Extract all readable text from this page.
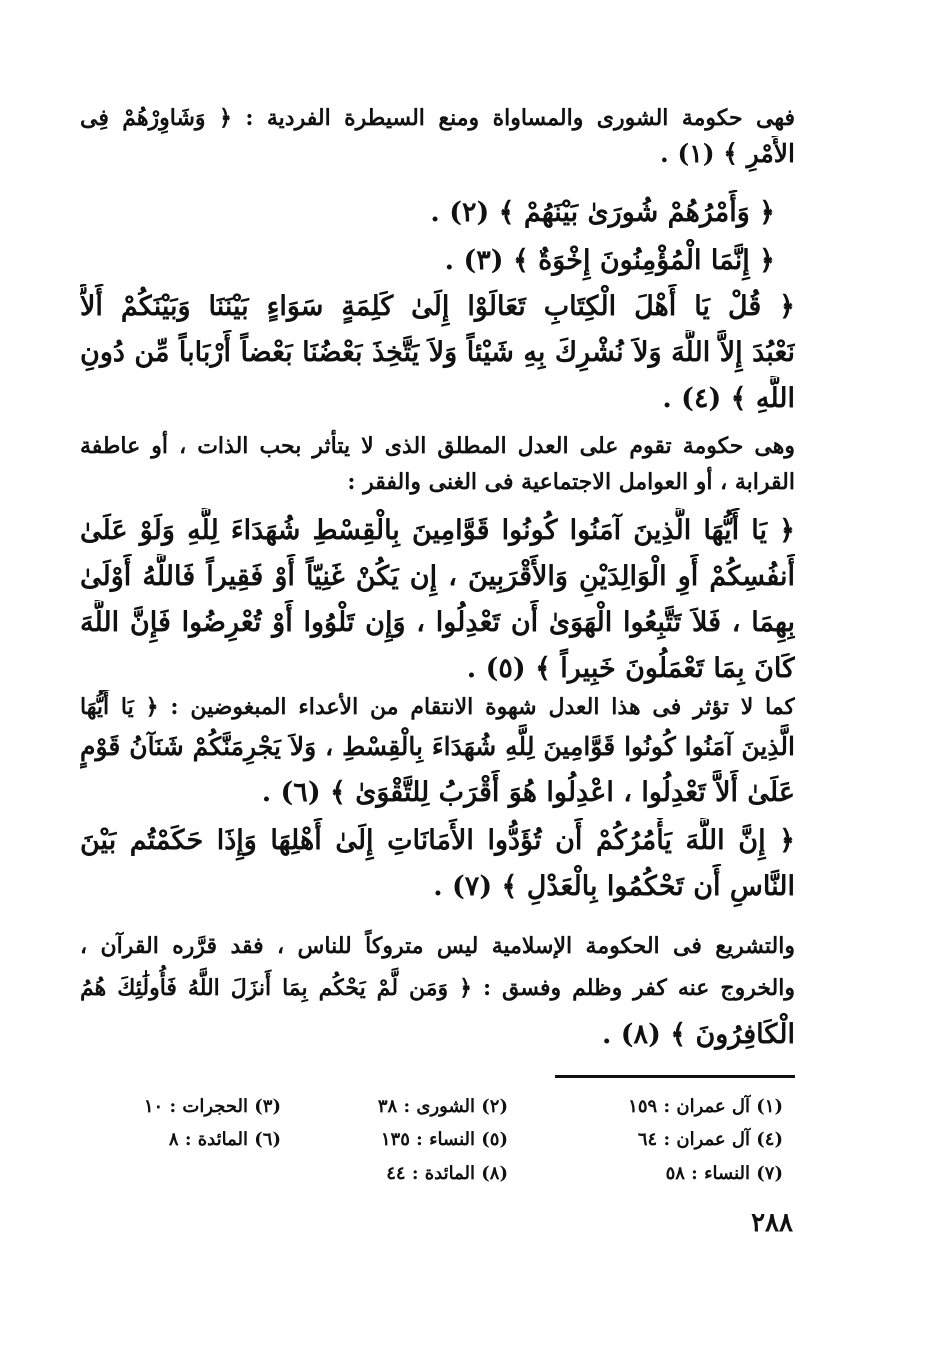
فهى حكومة الشورى والمساواة ومنع السيطرة الفردية : ﴿ وَشَاوِرْهُمْ فِى
الأَمْرِ ﴾ (١) .
﴿ وَأَمْرُهُمْ شُورَىٰ بَيْنَهُمْ ﴾ (٢) .
﴿ إِنَّمَا الْمُؤْمِنُونَ إِخْوَةٌ ﴾ (٣) .
﴿ قُلْ يَا أَهْلَ الْكِتَابِ تَعَالَوْا إِلَىٰ كَلِمَةٍ سَوَاءٍ بَيْنَنَا وَبَيْنَكُمْ أَلاَّ
نَعْبُدَ إِلاَّ اللَّهَ وَلاَ نُشْرِكَ بِهِ شَيْئاً وَلاَ يَتَّخِذَ بَعْضُنَا بَعْضاً أَرْبَاباً مِّن دُونِ
اللَّهِ ﴾ (٤) .
وهى حكومة تقوم على العدل المطلق الذى لا يتأثر بحب الذات ، أو عاطفة
القرابة ، أو العوامل الاجتماعية فى الغنى والفقر :
﴿ يَا أَيُّهَا الَّذِينَ آمَنُوا كُونُوا قَوَّامِينَ بِالْقِسْطِ شُهَدَاءَ لِلَّهِ وَلَوْ عَلَىٰ
أَنفُسِكُمْ أَوِ الْوَالِدَيْنِ وَالأَقْرَبِينَ ، إِن يَكُنْ غَنِيّاً أَوْ فَقِيراً فَاللَّهُ أَوْلَىٰ
بِهِمَا ، فَلاَ تَتَّبِعُوا الْهَوَىٰ أَن تَعْدِلُوا ، وَإِن تَلْوُوا أَوْ تُعْرِضُوا فَإِنَّ اللَّهَ
كَانَ بِمَا تَعْمَلُونَ خَبِيراً ﴾ (٥) .
كما لا تؤثر فى هذا العدل شهوة الانتقام من الأعداء المبغوضين : ﴿ يَا أَيُّهَا
الَّذِينَ آمَنُوا كُونُوا قَوَّامِينَ لِلَّهِ شُهَدَاءَ بِالْقِسْطِ ، وَلاَ يَجْرِمَنَّكُمْ شَنَآنُ قَوْمٍ
عَلَىٰ أَلاَّ تَعْدِلُوا ، اعْدِلُوا هُوَ أَقْرَبُ لِلتَّقْوَىٰ ﴾ (٦) .
﴿ إِنَّ اللَّهَ يَأْمُرُكُمْ أَن تُؤَدُّوا الأَمَانَاتِ إِلَىٰ أَهْلِهَا وَإِذَا حَكَمْتُم بَيْنَ
النَّاسِ أَن تَحْكُمُوا بِالْعَدْلِ ﴾ (٧) .
والتشريع فى الحكومة الإسلامية ليس متروكاً للناس ، فقد قرَّره القرآن ،
والخروج عنه كفر وظلم وفسق : ﴿ وَمَن لَّمْ يَحْكُم بِمَا أَنزَلَ اللَّهُ فَأُولَٰئِكَ هُمُ
الْكَافِرُونَ ﴾ (٨) .
(١) آل عمران : ١٥٩
(٢) الشورى : ٣٨
(٣) الحجرات : ١٠
(٤) آل عمران : ٦٤
(٥) النساء : ١٣٥
(٦) المائدة : ٨
(٧) النساء : ٥٨
(٨) المائدة : ٤٤
٢٨٨
